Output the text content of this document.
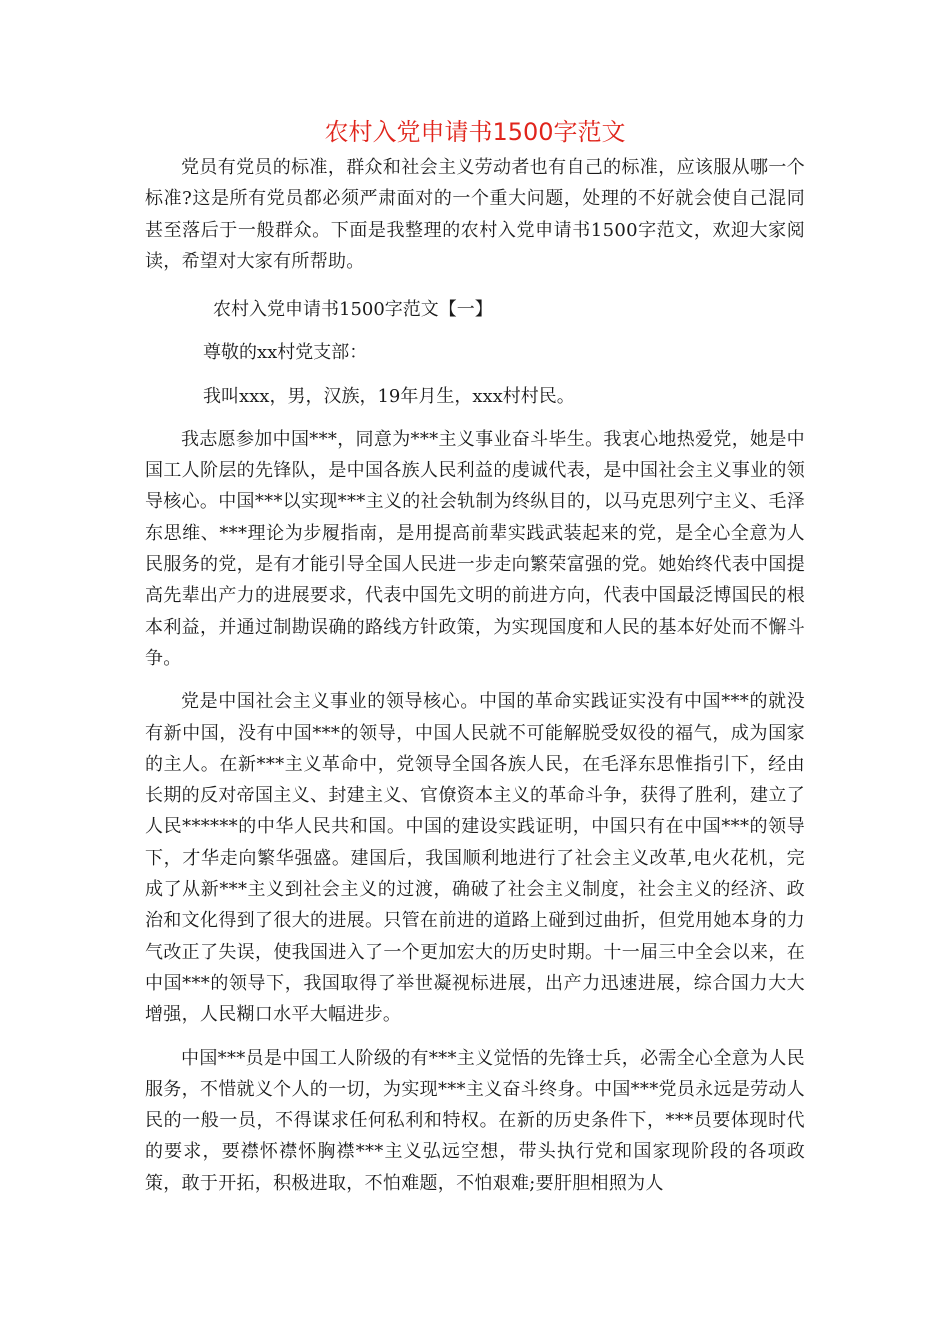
农村入党申请书1500字范文

党员有党员的标准，群众和社会主义劳动者也有自己的标准，应该服从哪一个标准?这是所有党员都必须严肃面对的一个重大问题，处理的不好就会使自己混同甚至落后于一般群众。下面是我整理的农村入党申请书1500字范文，欢迎大家阅读，希望对大家有所帮助。

农村入党申请书1500字范文【一】

尊敬的xx村党支部：

我叫xxx，男，汉族，19年月生，xxx村村民。

我志愿参加中国***，同意为***主义事业奋斗毕生。我衷心地热爱党，她是中国工人阶层的先锋队，是中国各族人民利益的虔诚代表，是中国社会主义事业的领导核心。中国***以实现***主义的社会轨制为终纵目的，以马克思列宁主义、毛泽东思维、***理论为步履指南，是用提高前辈实践武装起来的党，是全心全意为人民服务的党，是有才能引导全国人民进一步走向繁荣富强的党。她始终代表中国提高先辈出产力的进展要求，代表中国先文明的前进方向，代表中国最泛博国民的根本利益，并通过制勘误确的路线方针政策，为实现国度和人民的基本好处而不懈斗争。

党是中国社会主义事业的领导核心。中国的革命实践证实没有中国***的就没有新中国，没有中国***的领导，中国人民就不可能解脱受奴役的福气，成为国家的主人。在新***主义革命中，党领导全国各族人民，在毛泽东思惟指引下，经由长期的反对帝国主义、封建主义、官僚资本主义的革命斗争，获得了胜利，建立了人民******的中华人民共和国。中国的建设实践证明，中国只有在中国***的领导下，才华走向繁华强盛。建国后，我国顺利地进行了社会主义改革,电火花机，完成了从新***主义到社会主义的过渡，确破了社会主义制度，社会主义的经济、政治和文化得到了很大的进展。只管在前进的道路上碰到过曲折，但党用她本身的力气改正了失误，使我国进入了一个更加宏大的历史时期。十一届三中全会以来，在中国***的领导下，我国取得了举世凝视标进展，出产力迅速进展，综合国力大大增强，人民糊口水平大幅进步。

中国***员是中国工人阶级的有***主义觉悟的先锋士兵，必需全心全意为人民服务，不惜就义个人的一切，为实现***主义奋斗终身。中国***党员永远是劳动人民的一般一员，不得谋求任何私利和特权。在新的历史条件下，***员要体现时代的要求，要襟怀襟怀胸襟***主义弘远空想，带头执行党和国家现阶段的各项政策，敢于开拓，积极进取，不怕难题，不怕艰难;要肝胆相照为人
